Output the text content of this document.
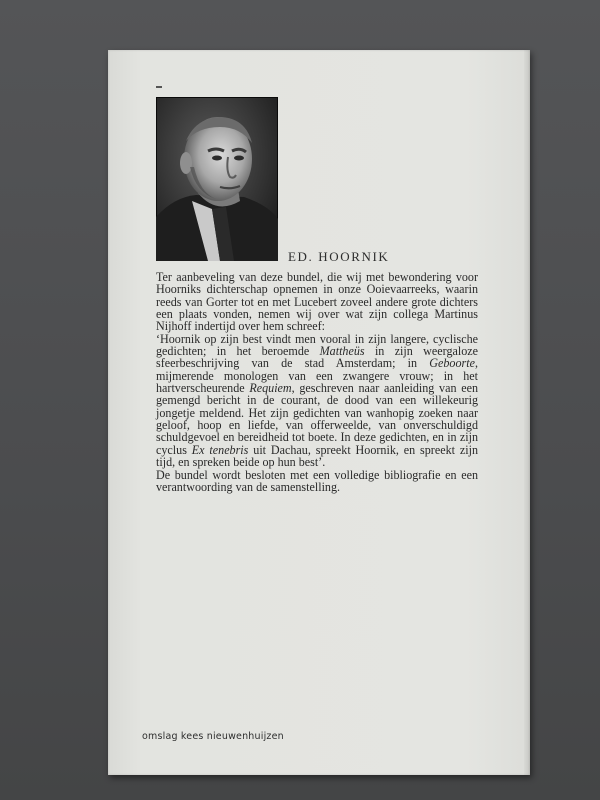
ED. HOORNIK

Ter aanbeveling van deze bundel, die wij met bewondering voor Hoorniks dichterschap opnemen in onze Ooievaarreeks, waarin reeds van Gorter tot en met Lucebert zoveel andere grote dichters een plaats vonden, nemen wij over wat zijn collega Martinus Nijhoff indertijd over hem schreef:

‘Hoornik op zijn best vindt men vooral in zijn langere, cyclische gedichten; in het beroemde Mattheüs in zijn weergaloze sfeerbeschrijving van de stad Amsterdam; in Geboorte, mijmerende monologen van een zwangere vrouw; in het hartverscheurende Requiem, geschreven naar aanleiding van een gemengd bericht in de courant, de dood van een willekeurig jongetje meldend. Het zijn gedichten van wanhopig zoeken naar geloof, hoop en liefde, van offerweelde, van onverschuldigd schuldgevoel en bereidheid tot boete. In deze gedichten, en in zijn cyclus Ex tenebris uit Dachau, spreekt Hoornik, en spreekt zijn tijd, en spreken beide op hun best’.

De bundel wordt besloten met een volledige bibliografie en een verantwoording van de samenstelling.

omslag kees nieuwenhuijzen
